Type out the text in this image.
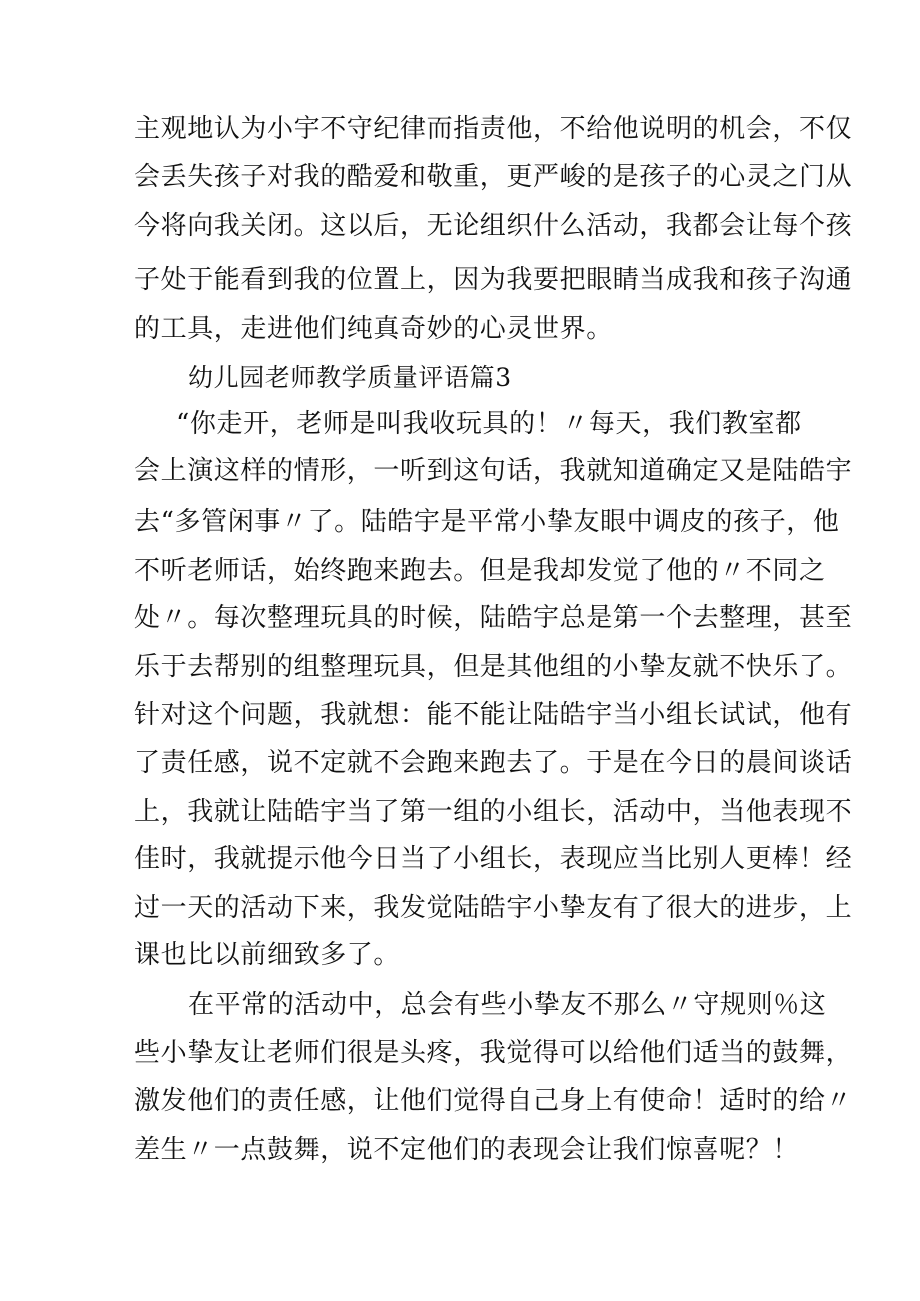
主观地认为小宇不守纪律而指责他，不给他说明的机会，不仅
会丢失孩子对我的酷爱和敬重，更严峻的是孩子的心灵之门从
今将向我关闭。这以后，无论组织什么活动，我都会让每个孩
子处于能看到我的位置上，因为我要把眼睛当成我和孩子沟通
的工具，走进他们纯真奇妙的心灵世界。
幼儿园老师教学质量评语篇3
“你走开，老师是叫我收玩具的！〃每天，我们教室都
会上演这样的情形，一听到这句话，我就知道确定又是陆皓宇
去“多管闲事〃了。陆皓宇是平常小挚友眼中调皮的孩子，他
不听老师话，始终跑来跑去。但是我却发觉了他的〃不同之
处〃。每次整理玩具的时候，陆皓宇总是第一个去整理，甚至
乐于去帮别的组整理玩具，但是其他组的小挚友就不快乐了。
针对这个问题，我就想：能不能让陆皓宇当小组长试试，他有
了责任感，说不定就不会跑来跑去了。于是在今日的晨间谈话
上，我就让陆皓宇当了第一组的小组长，活动中，当他表现不
佳时，我就提示他今日当了小组长，表现应当比别人更棒！经
过一天的活动下来，我发觉陆皓宇小挚友有了很大的进步，上
课也比以前细致多了。
在平常的活动中，总会有些小挚友不那么〃守规则％这
些小挚友让老师们很是头疼，我觉得可以给他们适当的鼓舞，
激发他们的责任感，让他们觉得自己身上有使命！适时的给〃
差生〃一点鼓舞，说不定他们的表现会让我们惊喜呢？！
